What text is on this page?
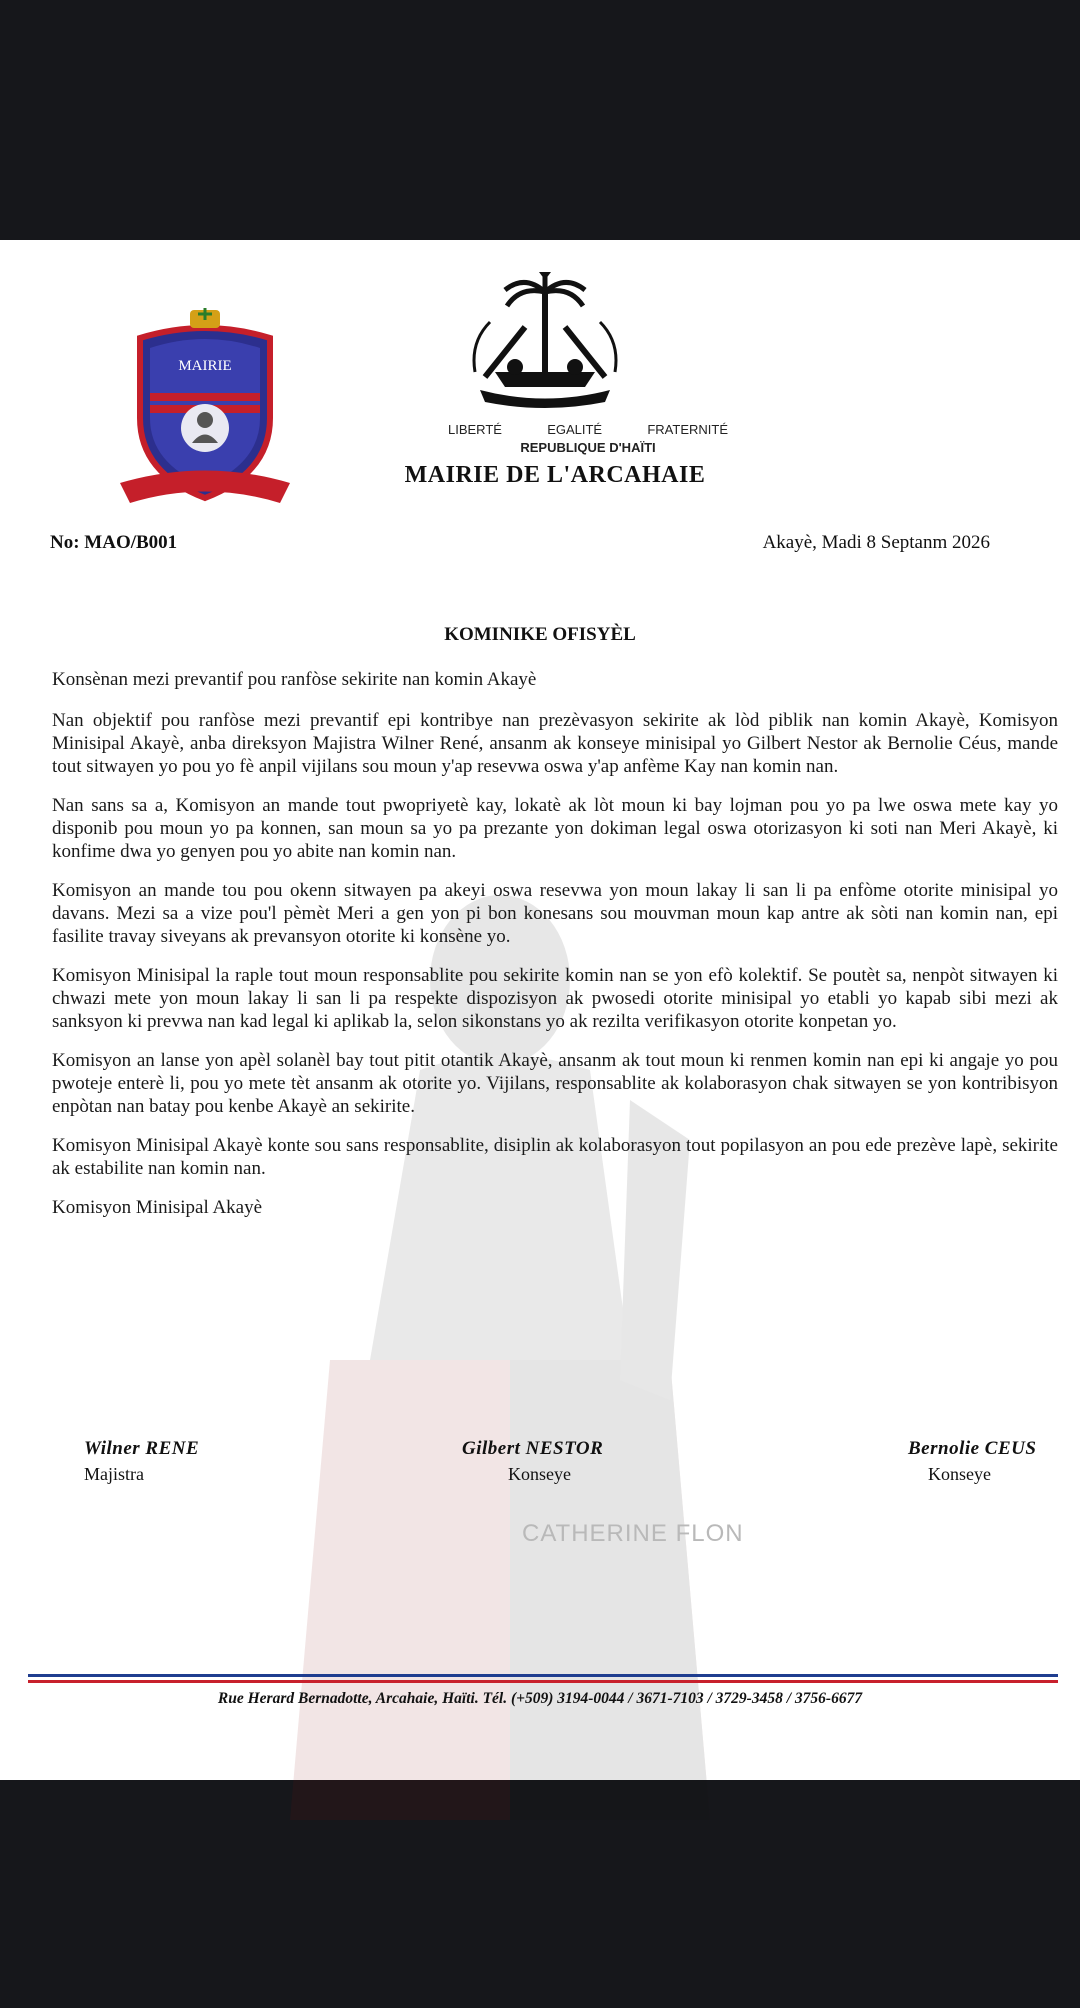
CATHERINE FLON
MAIRIE
LIBERTÉ	EGALITÉ	FRATERNITÉ
REPUBLIQUE D'HAÏTI
MAIRIE DE L'ARCAHAIE
No: MAO/B001	Akayè, Madi 8 Septanm 2026
KOMINIKE OFISYÈL

Konsènan mezi prevantif pou ranfòse sekirite nan komin Akayè

Nan objektif pou ranfòse mezi prevantif epi kontribye nan prezèvasyon sekirite ak lòd piblik nan komin Akayè, Komisyon Minisipal Akayè, anba direksyon Majistra Wilner René, ansanm ak konseye minisipal yo Gilbert Nestor ak Bernolie Céus, mande tout sitwayen yo pou yo fè anpil vijilans sou moun y'ap resevwa oswa y'ap anfème Kay nan komin nan.

Nan sans sa a, Komisyon an mande tout pwopriyetè kay, lokatè ak lòt moun ki bay lojman pou yo pa lwe oswa mete kay yo disponib pou moun yo pa konnen, san moun sa yo pa prezante yon dokiman legal oswa otorizasyon ki soti nan Meri Akayè, ki konfime dwa yo genyen pou yo abite nan komin nan.

Komisyon an mande tou pou okenn sitwayen pa akeyi oswa resevwa yon moun lakay li san li pa enfòme otorite minisipal yo davans. Mezi sa a vize pou'l pèmèt Meri a gen yon pi bon konesans sou mouvman moun kap antre ak sòti nan komin nan, epi fasilite travay siveyans ak prevansyon otorite ki konsène yo.

Komisyon Minisipal la raple tout moun responsablite pou sekirite komin nan se yon efò kolektif. Se poutèt sa, nenpòt sitwayen ki chwazi mete yon moun lakay li san li pa respekte dispozisyon ak pwosedi otorite minisipal yo etabli yo kapab sibi mezi ak sanksyon ki prevwa nan kad legal ki aplikab la, selon sikonstans yo ak rezilta verifikasyon otorite konpetan yo.

Komisyon an lanse yon apèl solanèl bay tout pitit otantik Akayè, ansanm ak tout moun ki renmen komin nan epi ki angaje yo pou pwoteje enterè li, pou yo mete tèt ansanm ak otorite yo. Vijilans, responsablite ak kolaborasyon chak sitwayen se yon kontribisyon enpòtan nan batay pou kenbe Akayè an sekirite.

Komisyon Minisipal Akayè konte sou sans responsablite, disiplin ak kolaborasyon tout popilasyon an pou ede prezève lapè, sekirite ak estabilite nan komin nan.

Komisyon Minisipal Akayè

Wilner RENE
Majistra
Gilbert NESTOR
Konseye
Bernolie CEUS
Konseye
Rue Herard Bernadotte, Arcahaie, Haïti. Tél. (+509) 3194-0044 / 3671-7103 / 3729-3458 / 3756-6677
